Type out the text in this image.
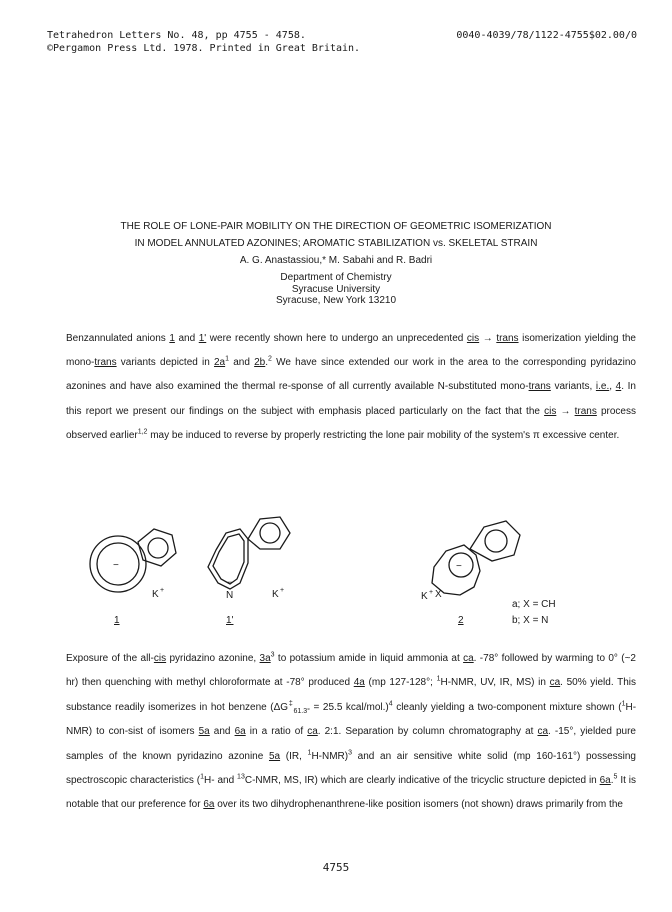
Tetrahedron Letters No. 48, pp 4755 - 4758.
©Pergamon Press Ltd. 1978. Printed in Great Britain.
0040-4039/78/1122-4755$02.00/0
THE ROLE OF LONE-PAIR MOBILITY ON THE DIRECTION OF GEOMETRIC ISOMERIZATION
IN MODEL ANNULATED AZONINES; AROMATIC STABILIZATION vs. SKELETAL STRAIN
A. G. Anastassiou,* M. Sabahi and R. Badri
Department of Chemistry
Syracuse University
Syracuse, New York 13210

Benzannulated anions 1 and 1' were recently shown here to undergo an unprecedented cis → trans isomerization yielding the mono-trans variants depicted in $2a^1$ and 2b.$^2$ We have since extended our work in the area to the corresponding pyridazino azonines and have also examined the thermal re-sponse of all currently available N-substituted mono-trans variants, i.e., 4. In this report we present our findings on the subject with emphasis placed particularly on the fact that the cis → trans process observed earlier$^{1,2}$ may be induced to reverse by properly restricting the lone pair mobility of the system's π excessive center.

−
K +
1
−
N	K +
1'
−
K + X
a; X = CH
b; X = N
2

Exposure of the all-cis pyridazino azonine, $3a^3$ to potassium amide in liquid ammonia at ca. -78° followed by warming to 0° (~2 hr) then quenching with methyl chloroformate at -78° produced 4a (mp 127-128°; $^1$H-NMR, UV, IR, MS) in ca. 50% yield. This substance readily isomerizes in hot benzene ($\Delta G^\ddagger_{61.3^\circ} = 25.5$ kcal/mol.)$^4$ cleanly yielding a two-component mixture shown ($^1$H-NMR) to con-sist of isomers 5a and 6a in a ratio of ca. 2:1. Separation by column chromatography at ca. -15°, yielded pure samples of the known pyridazino azonine 5a (IR, $^1$H-NMR)$^3$ and an air sensitive white solid (mp 160-161°) possessing spectroscopic characteristics ($^1$H- and $^{13}$C-NMR, MS, IR) which are clearly indicative of the tricyclic structure depicted in 6a.$^5$ It is notable that our preference for 6a over its two dihydrophenanthrene-like position isomers (not shown) draws primarily from the

4755
